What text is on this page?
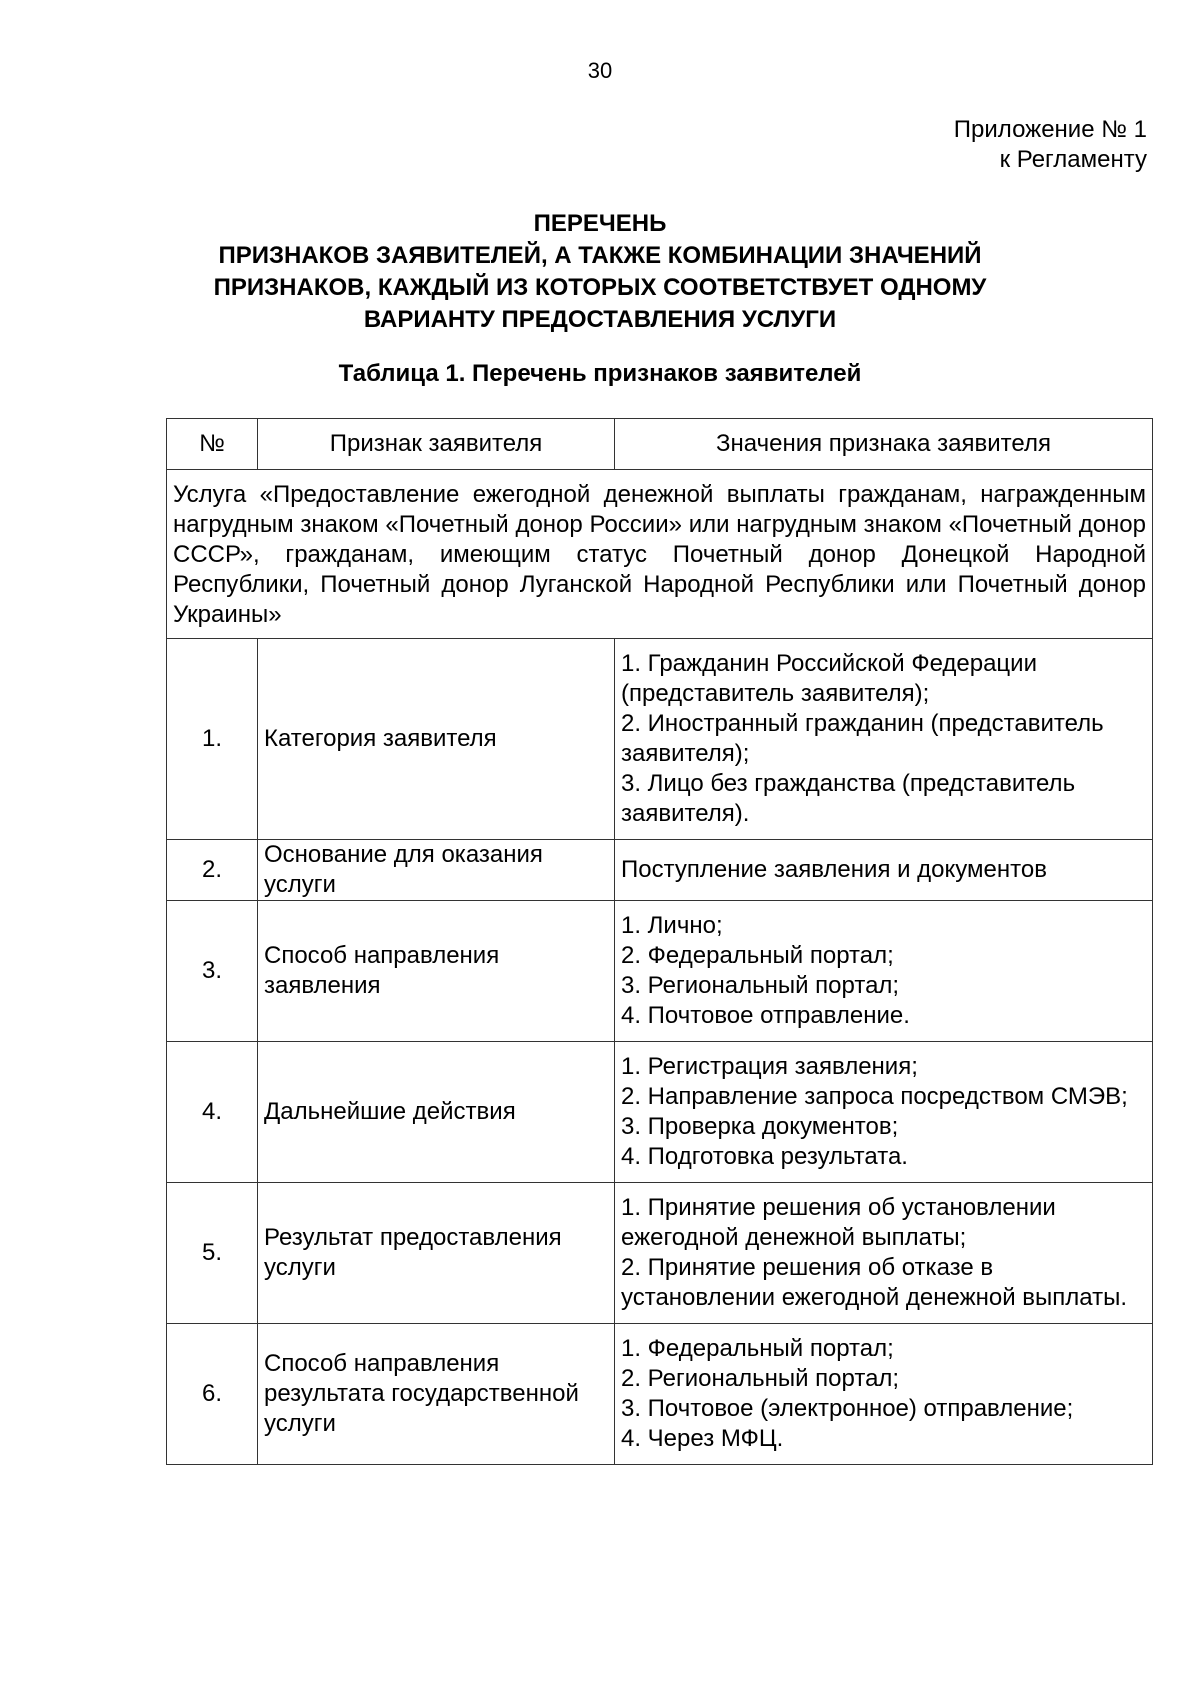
30
Приложение № 1
к Регламенту
ПЕРЕЧЕНЬ
ПРИЗНАКОВ ЗАЯВИТЕЛЕЙ, А ТАКЖЕ КОМБИНАЦИИ ЗНАЧЕНИЙ
ПРИЗНАКОВ, КАЖДЫЙ ИЗ КОТОРЫХ СООТВЕТСТВУЕТ ОДНОМУ
ВАРИАНТУ ПРЕДОСТАВЛЕНИЯ УСЛУГИ
Таблица 1. Перечень признаков заявителей
№	Признак заявителя	Значения признака заявителя
Услуга «Предоставление ежегодной денежной выплаты гражданам, награжденным нагрудным знаком «Почетный донор России» или нагрудным знаком «Почетный донор СССР», гражданам, имеющим статус Почетный донор Донецкой Народной Республики, Почетный донор Луганской Народной Республики или Почетный донор Украины»		
1.	Категория заявителя	1. Гражданин Российской Федерации (представитель заявителя);
2. Иностранный гражданин (представитель заявителя);
3. Лицо без гражданства (представитель заявителя).

2.	Основание для оказания услуги	Поступление заявления и документов

3.	Способ направления заявления	1. Лично;
2. Федеральный портал;
3. Региональный портал;
4. Почтовое отправление.

4.	Дальнейшие действия	1. Регистрация заявления;
2. Направление запроса посредством СМЭВ;
3. Проверка документов;
4. Подготовка результата.

5.	Результат предоставления услуги	1. Принятие решения об установлении ежегодной денежной выплаты;
2. Принятие решения об отказе в установлении ежегодной денежной выплаты.

6.	Способ направления результата государственной услуги	1. Федеральный портал;
2. Региональный портал;
3. Почтовое (электронное) отправление;
4. Через МФЦ.
